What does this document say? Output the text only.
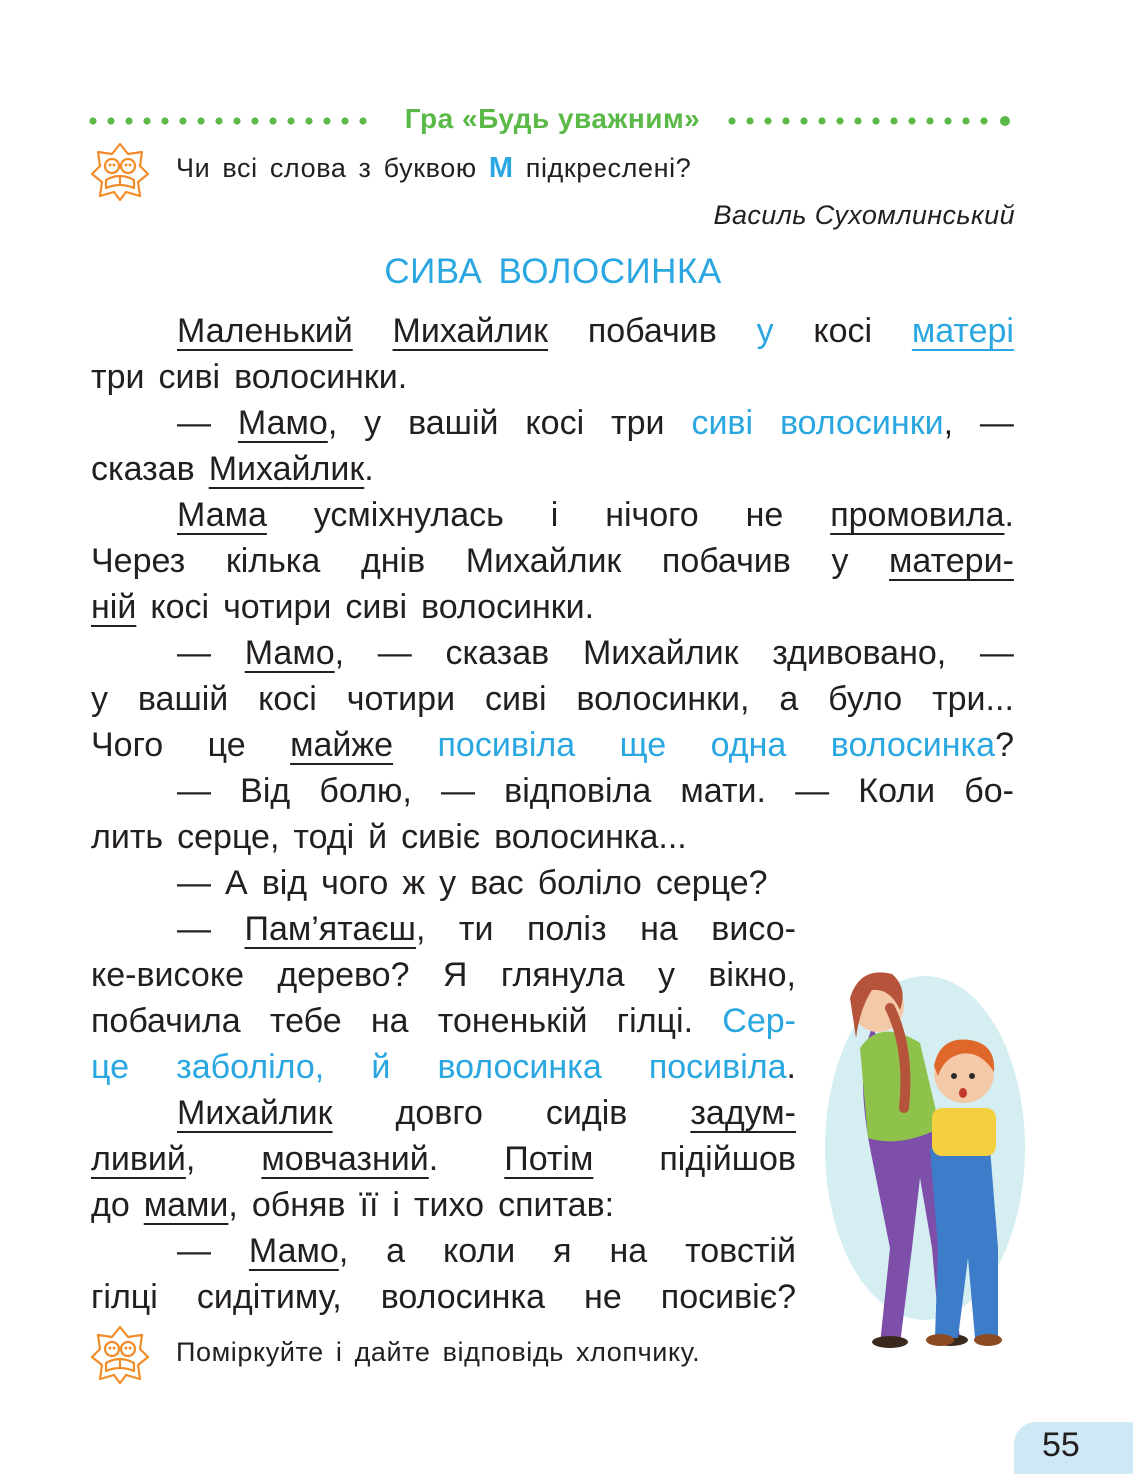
Гра «Будь уважним»
Чи всі слова з буквою М підкреслені?
Василь Сухомлинський
СИВА ВОЛОСИНКА
Маленький Михайлик побачив у косі матері
три сиві волосинки.
— Мамо, у вашій косі три сиві волосинки, —
сказав Михайлик.
Мама усміхнулась і нічого не промовила.
Через кілька днів Михайлик побачив у матери-
ній косі чотири сиві волосинки.
— Мамо, — сказав Михайлик здивовано, —
у вашій косі чотири сиві волосинки, а було три...
Чого це майже посивіла ще одна волосинка?
— Від болю, — відповіла мати. — Коли бо-
лить серце, тоді й сивіє волосинка...
— А від чого ж у вас боліло серце?
— Пам’ятаєш, ти поліз на висо-
ке-високе дерево? Я глянула у вікно,
побачила тебе на тоненькій гілці. Сер-
це заболіло, й волосинка посивіла.
Михайлик довго сидів задум-
ливий, мовчазний. Потім підійшов
до мами, обняв її і тихо спитав:
— Мамо, а коли я на товстій
гілці сидітиму, волосинка не посивіє?
Поміркуйте і дайте відповідь хлопчику.
55
